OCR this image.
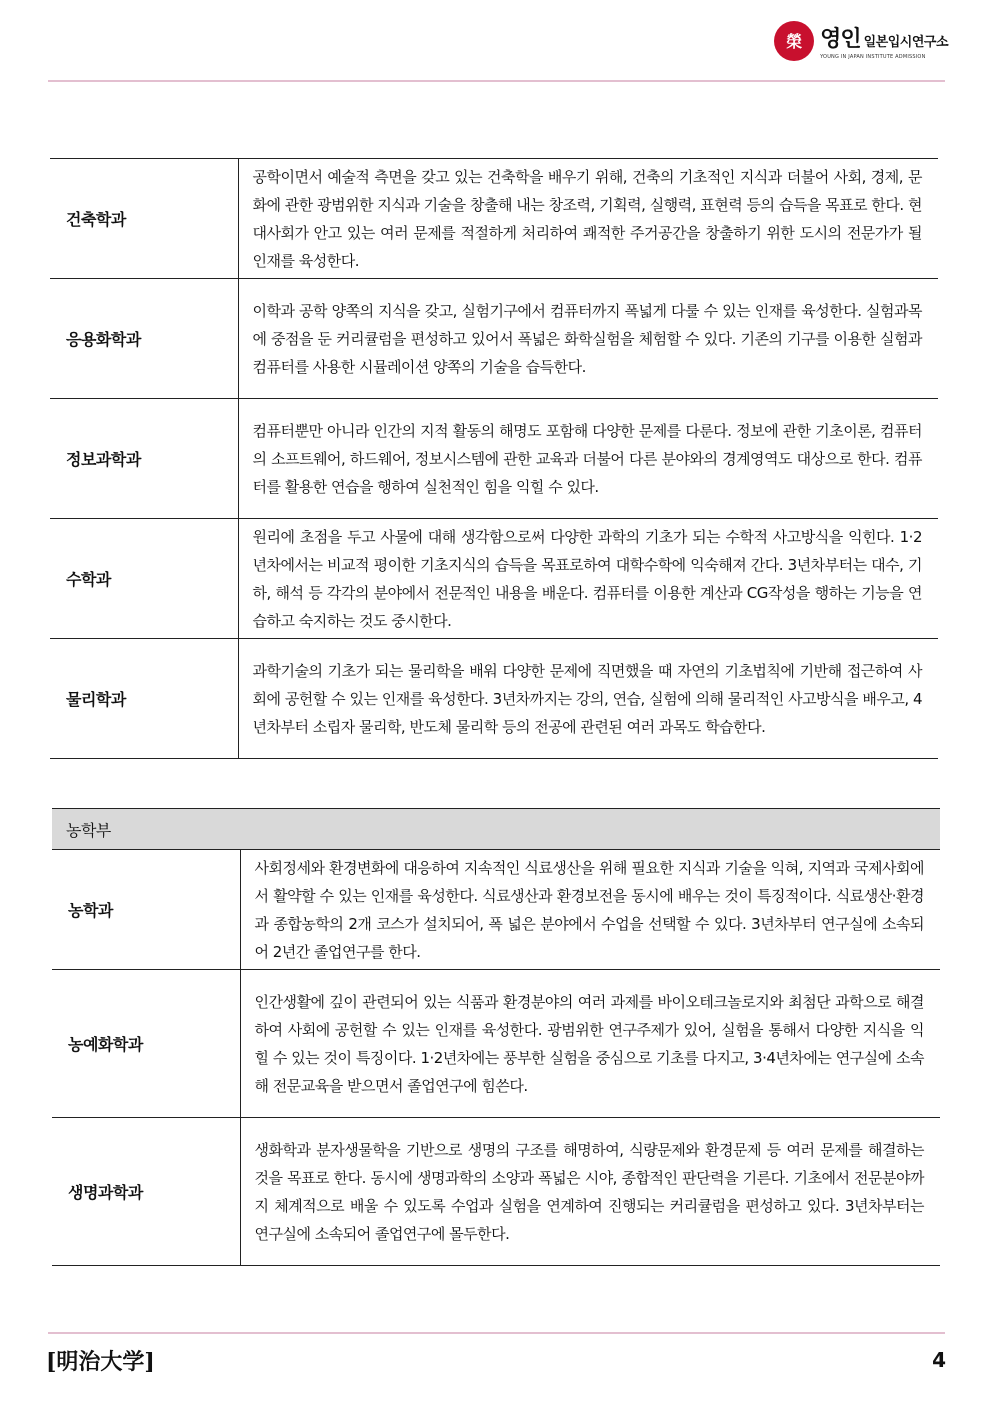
榮 영인 일본입시연구소
YOUNG IN JAPAN INSTITUTE ADMISSION
건축학과	공학이면서 예술적 측면을 갖고 있는 건축학을 배우기 위해, 건축의 기초적인 지식과 더불어 사회, 경제, 문화에 관한 광범위한 지식과 기술을 창출해 내는 창조력, 기획력, 실행력, 표현력 등의 습득을 목표로 한다. 현대사회가 안고 있는 여러 문제를 적절하게 처리하여 쾌적한 주거공간을 창출하기 위한 도시의 전문가가 될 인재를 육성한다.
응용화학과	이학과 공학 양쪽의 지식을 갖고, 실험기구에서 컴퓨터까지 폭넓게 다룰 수 있는 인재를 육성한다. 실험과목에 중점을 둔 커리큘럼을 편성하고 있어서 폭넓은 화학실험을 체험할 수 있다. 기존의 기구를 이용한 실험과 컴퓨터를 사용한 시뮬레이션 양쪽의 기술을 습득한다.
정보과학과	컴퓨터뿐만 아니라 인간의 지적 활동의 해명도 포함해 다양한 문제를 다룬다. 정보에 관한 기초이론, 컴퓨터의 소프트웨어, 하드웨어, 정보시스템에 관한 교육과 더불어 다른 분야와의 경계영역도 대상으로 한다. 컴퓨터를 활용한 연습을 행하여 실천적인 힘을 익힐 수 있다.
수학과	원리에 초점을 두고 사물에 대해 생각함으로써 다양한 과학의 기초가 되는 수학적 사고방식을 익힌다. 1·2년차에서는 비교적 평이한 기초지식의 습득을 목표로하여 대학수학에 익숙해져 간다. 3년차부터는 대수, 기하, 해석 등 각각의 분야에서 전문적인 내용을 배운다. 컴퓨터를 이용한 계산과 CG작성을 행하는 기능을 연습하고 숙지하는 것도 중시한다.
물리학과	과학기술의 기초가 되는 물리학을 배워 다양한 문제에 직면했을 때 자연의 기초법칙에 기반해 접근하여 사회에 공헌할 수 있는 인재를 육성한다. 3년차까지는 강의, 연습, 실험에 의해 물리적인 사고방식을 배우고, 4년차부터 소립자 물리학, 반도체 물리학 등의 전공에 관련된 여러 과목도 학습한다.
농학부	
농학과	사회정세와 환경변화에 대응하여 지속적인 식료생산을 위해 필요한 지식과 기술을 익혀, 지역과 국제사회에서 활약할 수 있는 인재를 육성한다. 식료생산과 환경보전을 동시에 배우는 것이 특징적이다. 식료생산·환경과 종합농학의 2개 코스가 설치되어, 폭 넓은 분야에서 수업을 선택할 수 있다. 3년차부터 연구실에 소속되어 2년간 졸업연구를 한다.
농예화학과	인간생활에 깊이 관련되어 있는 식품과 환경분야의 여러 과제를 바이오테크놀로지와 최첨단 과학으로 해결하여 사회에 공헌할 수 있는 인재를 육성한다. 광범위한 연구주제가 있어, 실험을 통해서 다양한 지식을 익힐 수 있는 것이 특징이다. 1·2년차에는 풍부한 실험을 중심으로 기초를 다지고, 3·4년차에는 연구실에 소속해 전문교육을 받으면서 졸업연구에 힘쓴다.
생명과학과	생화학과 분자생물학을 기반으로 생명의 구조를 해명하여, 식량문제와 환경문제 등 여러 문제를 해결하는 것을 목표로 한다. 동시에 생명과학의 소양과 폭넓은 시야, 종합적인 판단력을 기른다. 기초에서 전문분야까지 체계적으로 배울 수 있도록 수업과 실험을 연계하여 진행되는 커리큘럼을 편성하고 있다. 3년차부터는 연구실에 소속되어 졸업연구에 몰두한다.
[明治大学]	4
